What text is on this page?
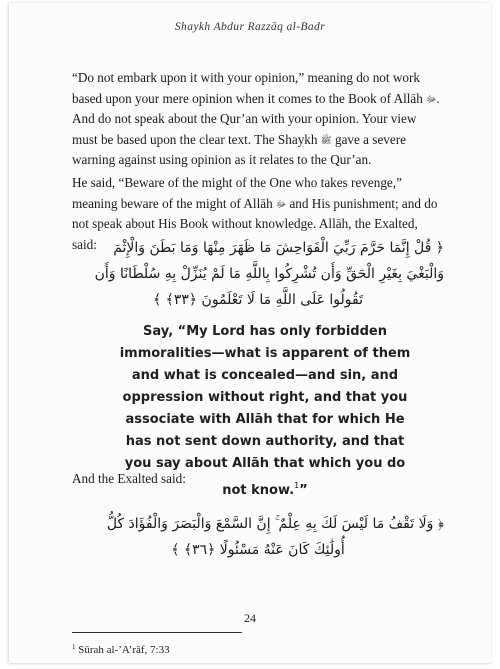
Shaykh Abdur Razzāq al-Badr

“Do not embark upon it with your opinion,” meaning do not work based upon your mere opinion when it comes to the Book of Allāh ﷻ. And do not speak about the Qur’an with your opinion. Your view must be based upon the clear text. The Shaykh ﷺ gave a severe warning against using opinion as it relates to the Qur’an.

He said, “Beware of the might of the One who takes revenge,” meaning beware of the might of Allāh ﷻ and His punishment; and do not speak about His Book without knowledge. Allāh, the Exalted, said:	﴿ قُلْ إِنَّمَا حَرَّمَ رَبِّيَ الْفَوَاحِشَ مَا ظَهَرَ مِنْهَا وَمَا بَطَنَ وَالْإِثْمَ
وَالْبَغْيَ بِغَيْرِ الْحَقِّ وَأَن تُشْرِكُوا بِاللَّهِ مَا لَمْ يُنَزِّلْ بِهِ سُلْطَانًا وَأَن
تَقُولُوا عَلَى اللَّهِ مَا لَا تَعْلَمُونَ ﴿٣٣﴾ ﴾
Say, “My Lord has only forbidden immoralities—what is apparent of them and what is concealed—and sin, and oppression without right, and that you associate with Allāh that for which He has not sent down authority, and that you say about Allāh that which you do not know.$^1$”

And the Exalted said:

﴿ وَلَا تَقْفُ مَا لَيْسَ لَكَ بِهِ عِلْمٌ ۚ إِنَّ السَّمْعَ وَالْبَصَرَ وَالْفُؤَادَ كُلُّ
أُولَٰئِكَ كَانَ عَنْهُ مَسْئُولًا ﴿٣٦﴾ ﴾
$^1$ Sūrah al-’A’rāf, 7:33
24
